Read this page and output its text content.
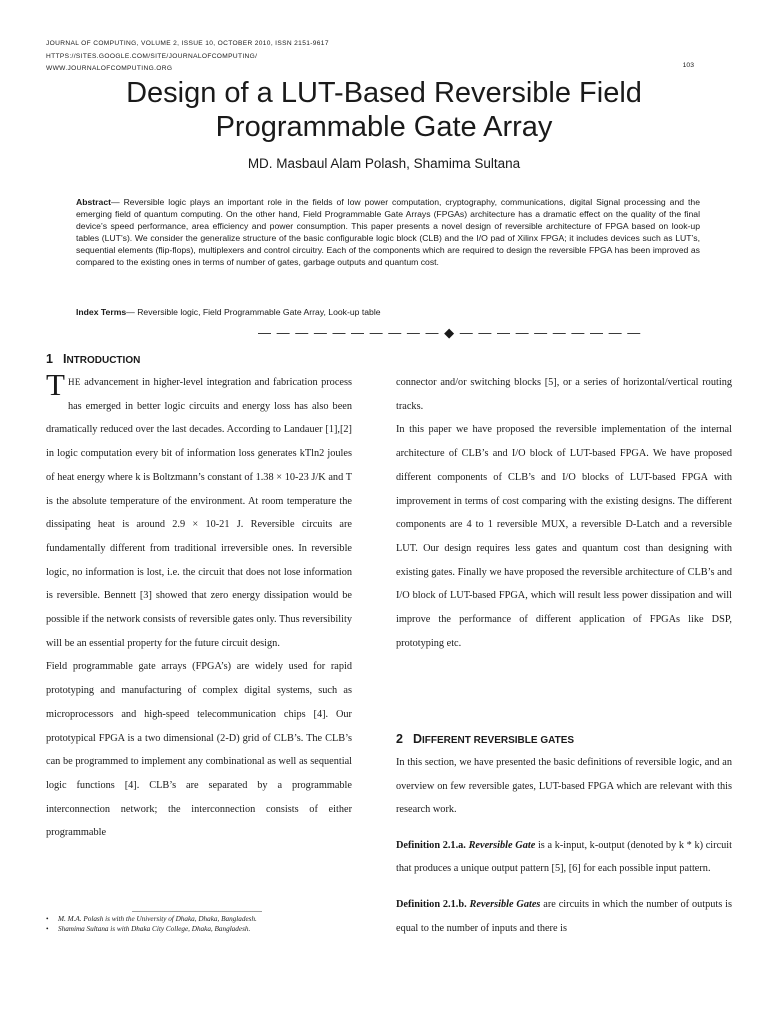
JOURNAL OF COMPUTING, VOLUME 2, ISSUE 10, OCTOBER 2010, ISSN 2151-9617
HTTPS://SITES.GOOGLE.COM/SITE/JOURNALOFCOMPUTING/
WWW.JOURNALOFCOMPUTING.ORG	103
Design of a LUT-Based Reversible Field
Programmable Gate Array
MD. Masbaul Alam Polash, Shamima Sultana
Abstract— Reversible logic plays an important role in the fields of low power computation, cryptography, communications, digital Signal processing and the emerging field of quantum computing. On the other hand, Field Programmable Gate Arrays (FPGAs) architecture has a dramatic effect on the quality of the final device’s speed performance, area efficiency and power consumption. This paper presents a novel design of reversible architecture of FPGA based on look-up tables (LUT’s). We consider the generalize structure of the basic configurable logic block (CLB) and the I/O pad of Xilinx FPGA; it includes devices such as LUT’s, sequential elements (flip-flops), multiplexers and control circuitry. Each of the components which are required to design the reversible FPGA has been improved as compared to the existing ones in terms of number of gates, garbage outputs and quantum cost.
Index Terms— Reversible logic, Field Programmable Gate Array, Look-up table
— — — — — — — — — — ◆ — — — — — — — — — —
1 INTRODUCTION

THE advancement in higher-level integration and fabrication process has emerged in better logic circuits and energy loss has also been dramatically reduced over the last decades. According to Landauer [1],[2] in logic computation every bit of information loss generates kTln2 joules of heat energy where k is Boltzmann’s constant of 1.38 × 10-23 J/K and T is the absolute temperature of the environment. At room temperature the dissipating heat is around 2.9 × 10-21 J. Reversible circuits are fundamentally different from traditional irreversible ones. In reversible logic, no information is lost, i.e. the circuit that does not lose information is reversible. Bennett [3] showed that zero energy dissipation would be possible if the network consists of reversible gates only. Thus reversibility will be an essential property for the future circuit design.

Field programmable gate arrays (FPGA’s) are widely used for rapid prototyping and manufacturing of complex digital systems, such as microprocessors and high-speed telecommunication chips [4]. Our prototypical FPGA is a two dimensional (2-D) grid of CLB’s. The CLB’s can be programmed to implement any combinational as well as sequential logic functions [4]. CLB’s are separated by a programmable interconnection network; the interconnection consists of either programmable

connector and/or switching blocks [5], or a series of horizontal/vertical routing tracks.

In this paper we have proposed the reversible implementation of the internal architecture of CLB’s and I/O block of LUT-based FPGA. We have proposed different components of CLB’s and I/O blocks of LUT-based FPGA with improvement in terms of cost comparing with the existing designs. The different components are 4 to 1 reversible MUX, a reversible D-Latch and a reversible LUT. Our design requires less gates and quantum cost than designing with existing gates. Finally we have proposed the reversible architecture of CLB’s and I/O block of LUT-based FPGA, which will result less power dissipation and will improve the performance of different application of FPGAs like DSP, prototyping etc.

2 DIFFERENT REVERSIBLE GATES

In this section, we have presented the basic definitions of reversible logic, and an overview on few reversible gates, LUT-based FPGA which are relevant with this research work.

Definition 2.1.a. Reversible Gate is a k-input, k-output (denoted by k * k) circuit that produces a unique output pattern [5], [6] for each possible input pattern.

Definition 2.1.b. Reversible Gates are circuits in which the number of outputs is equal to the number of inputs and there is

• M. M.A. Polash is with the University of Dhaka, Dhaka, Bangladesh.
• Shamima Sultana is with Dhaka City College, Dhaka, Bangladesh.
